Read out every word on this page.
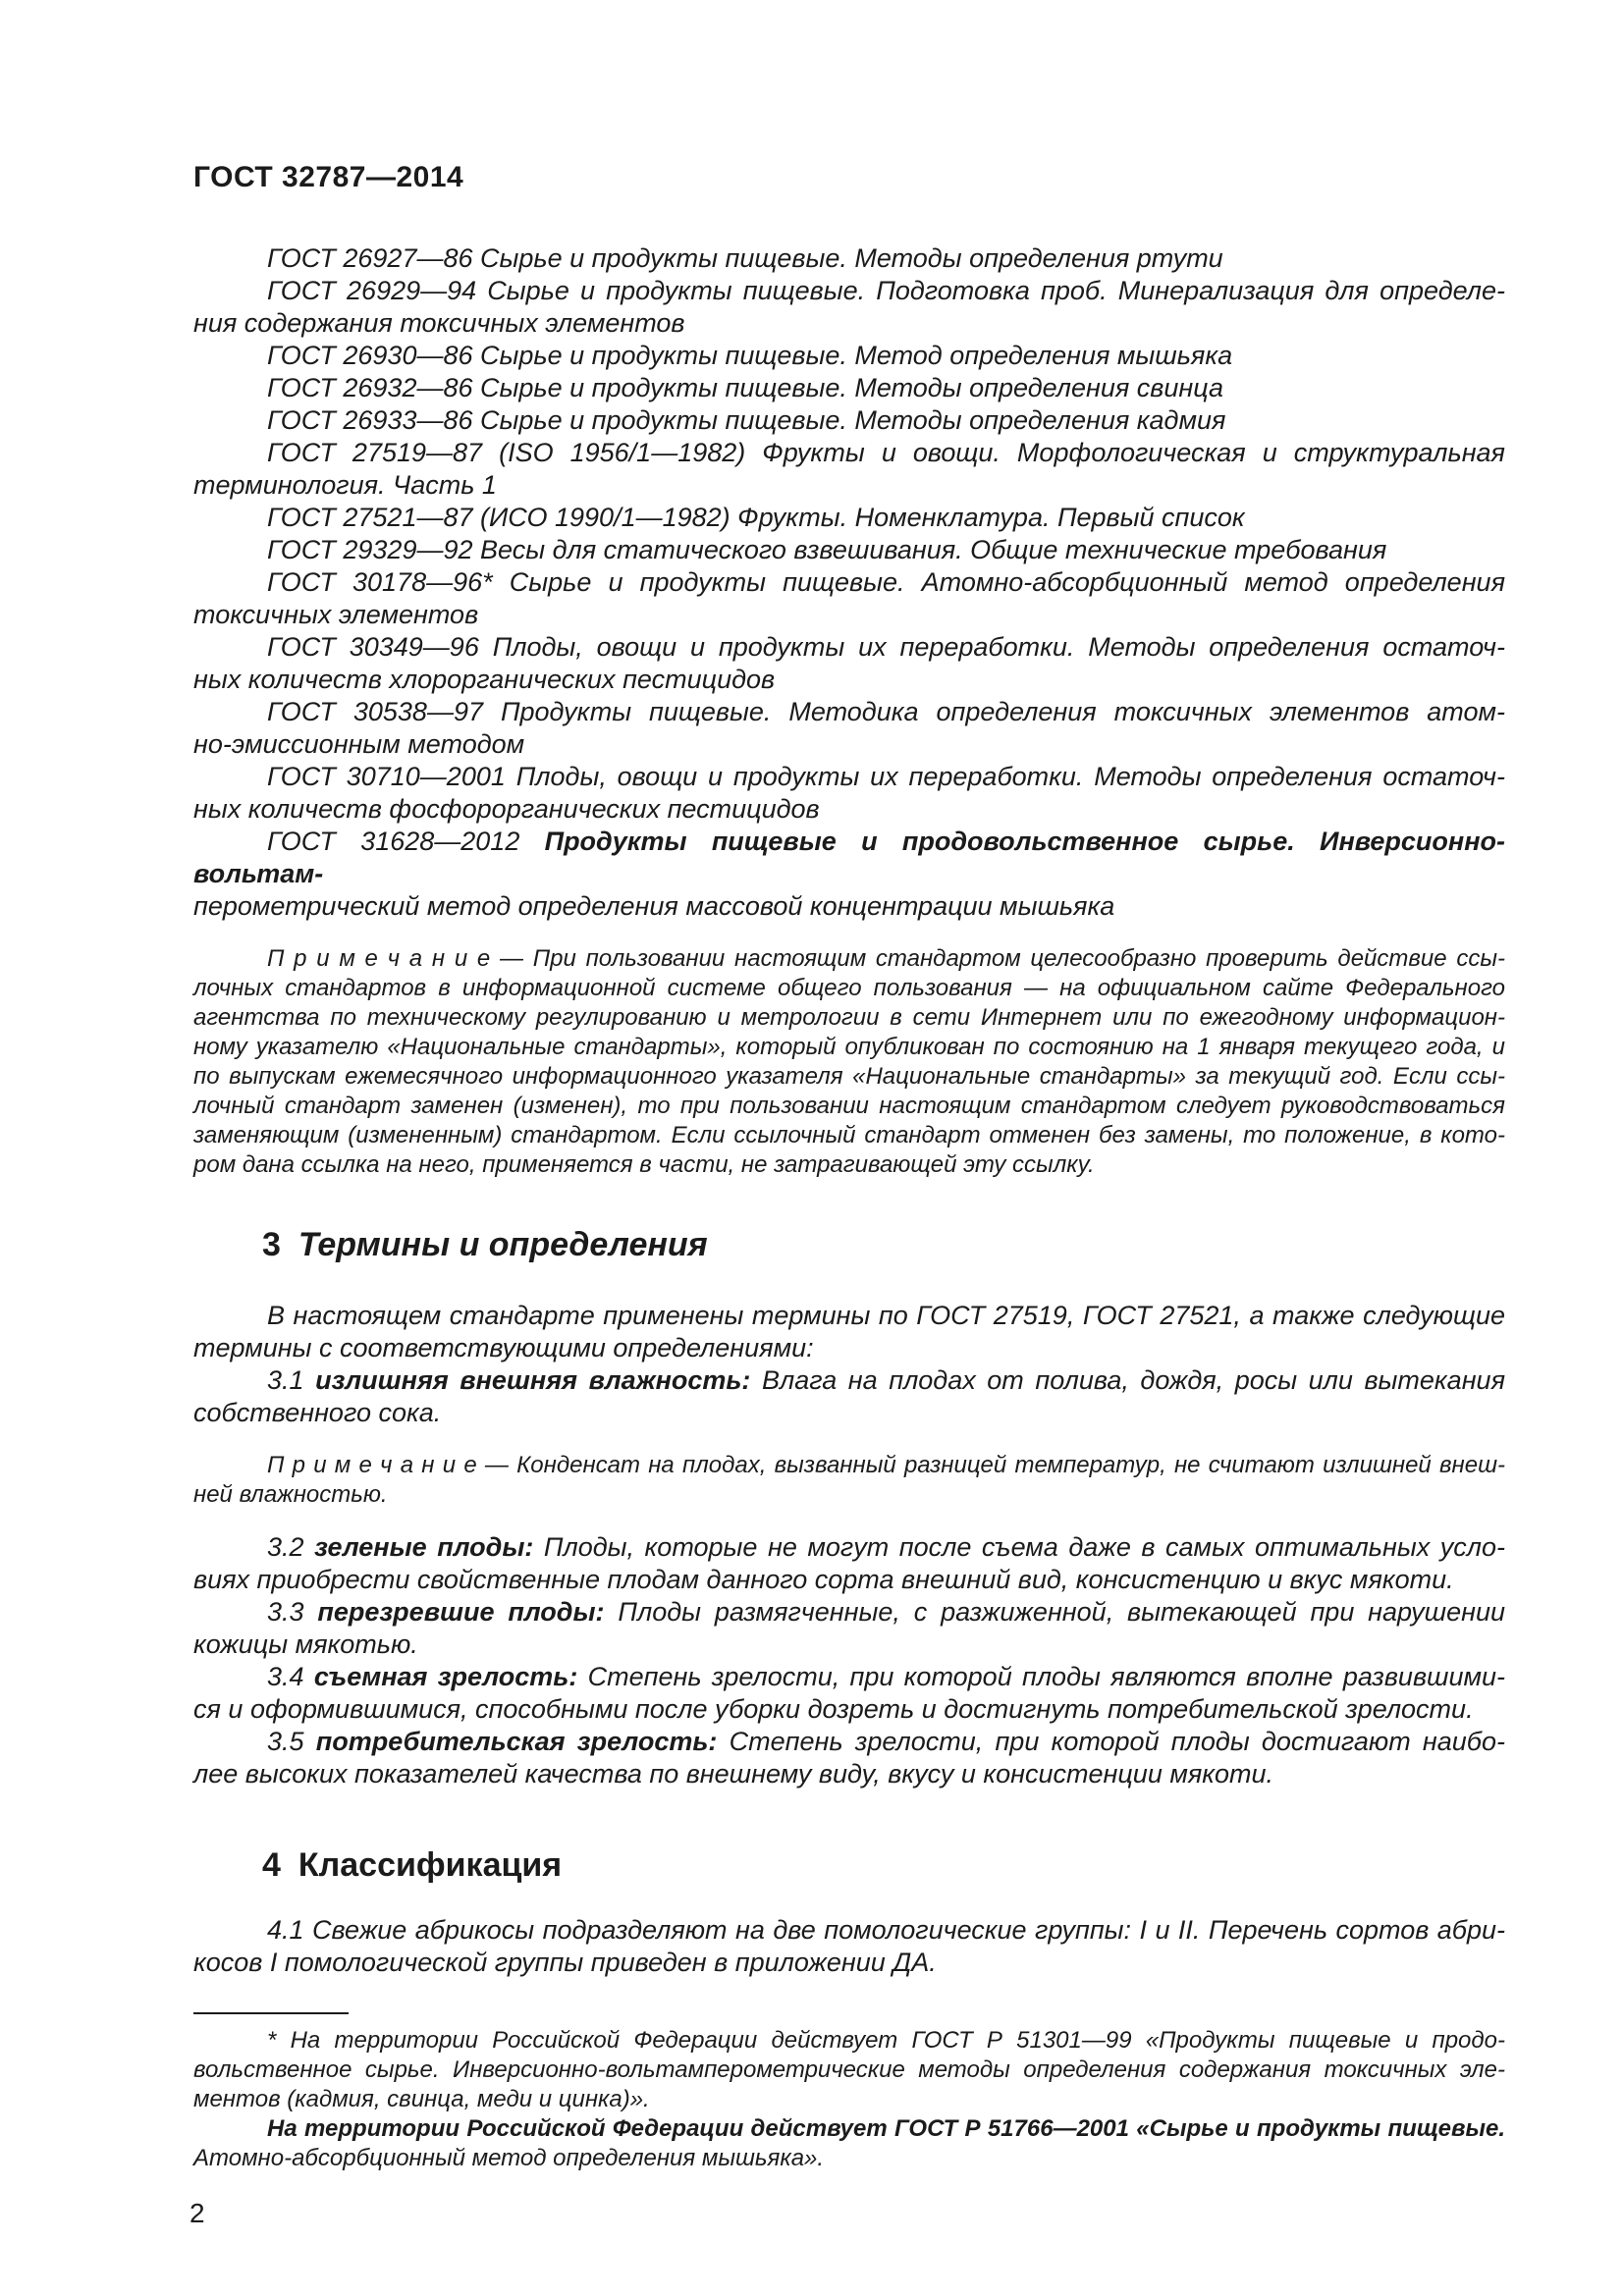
ГОСТ 32787—2014
ГОСТ 26927—86 Сырье и продукты пищевые. Методы определения ртути
ГОСТ 26929—94 Сырье и продукты пищевые. Подготовка проб. Минерализация для определе-
ния содержания токсичных элементов
ГОСТ 26930—86 Сырье и продукты пищевые. Метод определения мышьяка
ГОСТ 26932—86 Сырье и продукты пищевые. Методы определения свинца
ГОСТ 26933—86 Сырье и продукты пищевые. Методы определения кадмия
ГОСТ 27519—87 (ISO 1956/1—1982) Фрукты и овощи. Морфологическая и структуральная
терминология. Часть 1
ГОСТ 27521—87 (ИСО 1990/1—1982) Фрукты. Номенклатура. Первый список
ГОСТ 29329—92 Весы для статического взвешивания. Общие технические требования
ГОСТ 30178—96* Сырье и продукты пищевые. Атомно-абсорбционный метод определения
токсичных элементов
ГОСТ 30349—96 Плоды, овощи и продукты их переработки. Методы определения остаточ-
ных количеств хлорорганических пестицидов
ГОСТ 30538—97 Продукты пищевые. Методика определения токсичных элементов атом-
но-эмиссионным методом
ГОСТ 30710—2001 Плоды, овощи и продукты их переработки. Методы определения остаточ-
ных количеств фосфорорганических пестицидов
ГОСТ 31628—2012 Продукты пищевые и продовольственное сырье. Инверсионно-вольтам-
перометрический метод определения массовой концентрации мышьяка
П р и м е ч а н и е — При пользовании настоящим стандартом целесообразно проверить действие ссы-
лочных стандартов в информационной системе общего пользования — на официальном сайте Федерального
агентства по техническому регулированию и метрологии в сети Интернет или по ежегодному информацион-
ному указателю «Национальные стандарты», который опубликован по состоянию на 1 января текущего года, и
по выпускам ежемесячного информационного указателя «Национальные стандарты» за текущий год. Если ссы-
лочный стандарт заменен (изменен), то при пользовании настоящим стандартом следует руководствоваться
заменяющим (измененным) стандартом. Если ссылочный стандарт отменен без замены, то положение, в кото-
ром дана ссылка на него, применяется в части, не затрагивающей эту ссылку.
3 Термины и определения
В настоящем стандарте применены термины по ГОСТ 27519, ГОСТ 27521, а также следующие
термины с соответствующими определениями:
3.1 излишняя внешняя влажность: Влага на плодах от полива, дождя, росы или вытекания
собственного сока.
П р и м е ч а н и е — Конденсат на плодах, вызванный разницей температур, не считают излишней внеш-
ней влажностью.
3.2 зеленые плоды: Плоды, которые не могут после съема даже в самых оптимальных усло-
виях приобрести свойственные плодам данного сорта внешний вид, консистенцию и вкус мякоти.
3.3 перезревшие плоды: Плоды размягченные, с разжиженной, вытекающей при нарушении
кожицы мякотью.
3.4 съемная зрелость: Степень зрелости, при которой плоды являются вполне развившими-
ся и оформившимися, способными после уборки дозреть и достигнуть потребительской зрелости.
3.5 потребительская зрелость: Степень зрелости, при которой плоды достигают наибо-
лее высоких показателей качества по внешнему виду, вкусу и консистенции мякоти.
4 Классификация
4.1 Свежие абрикосы подразделяют на две помологические группы: I и II. Перечень сортов абри-
косов I помологической группы приведен в приложении ДА.
* На территории Российской Федерации действует ГОСТ Р 51301—99 «Продукты пищевые и продо-
вольственное сырье. Инверсионно-вольтамперометрические методы определения содержания токсичных эле-
ментов (кадмия, свинца, меди и цинка)».
На территории Российской Федерации действует ГОСТ Р 51766—2001 «Сырье и продукты пищевые.
Атомно-абсорбционный метод определения мышьяка».
2
